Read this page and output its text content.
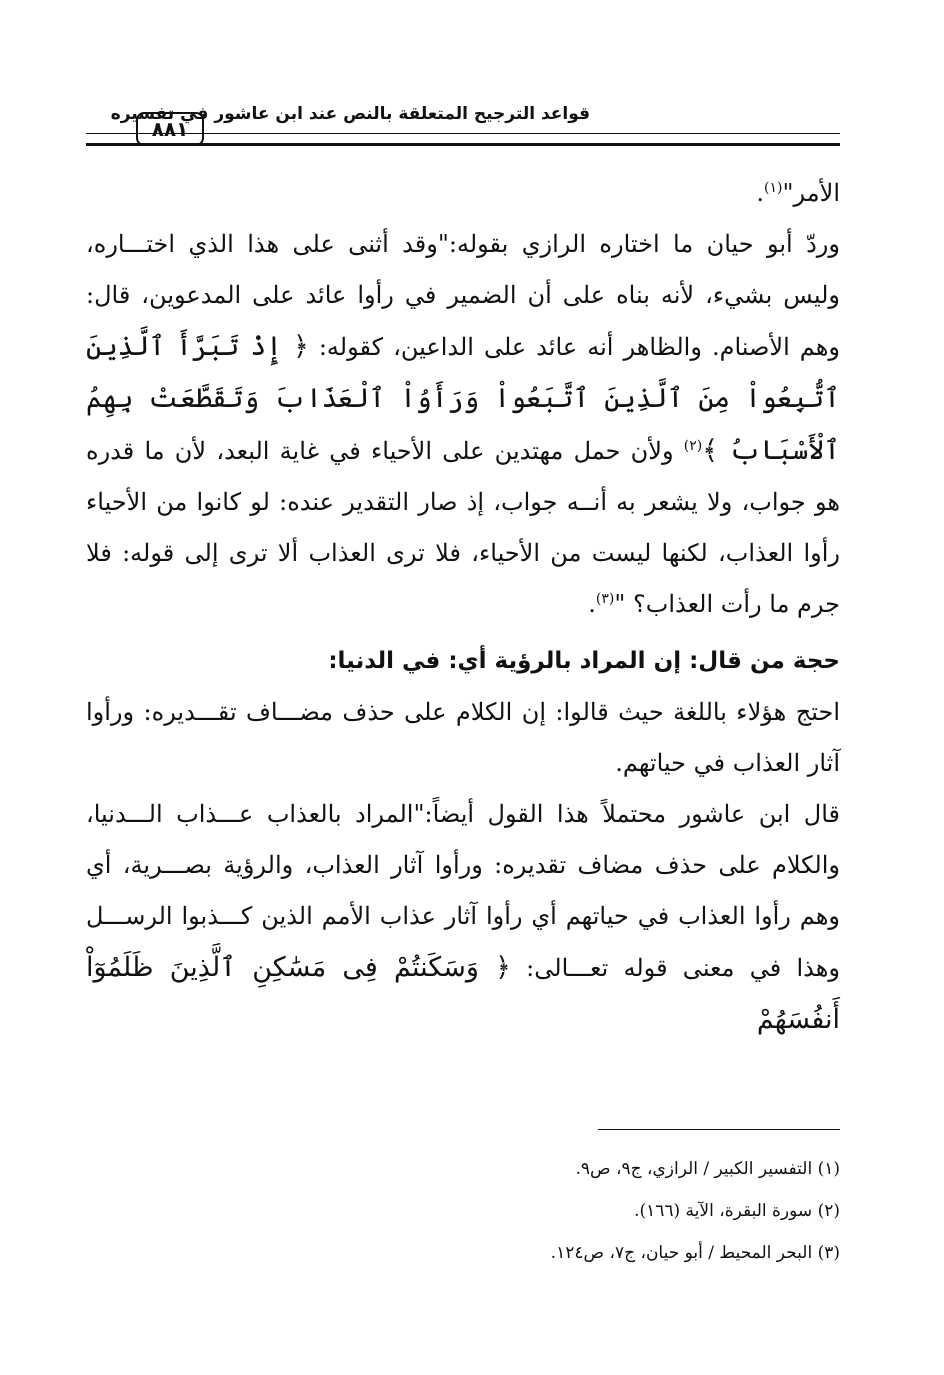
٨٨١
قواعد الترجيح المتعلقة بالنص عند ابن عاشور في تفسيره

الأمر"$^{(١)}$.

وردّ أبو حيان ما اختاره الرازي بقوله:"وقد أثنى على هذا الذي اختـــاره، وليس بشيء، لأنه بناه على أن الضمير في رأوا عائد على المدعوين، قال: وهم الأصنام. والظاهر أنه عائد على الداعين، كقوله: ﴿ إِذْ تَبَرَّأَ ٱلَّذِينَ ٱتُّبِعُواْ مِنَ ٱلَّذِينَ ٱتَّبَعُواْ وَرَأَوُاْ ٱلْعَذَابَ وَتَقَطَّعَتْ بِهِمُ ٱلْأَسْبَابُ ﴾$^{(٢)}$ ولأن حمل مهتدين على الأحياء في غاية البعد، لأن ما قدره هو جواب، ولا يشعر به أنــه جواب، إذ صار التقدير عنده: لو كانوا من الأحياء رأوا العذاب، لكنها ليست من الأحياء، فلا ترى العذاب ألا ترى إلى قوله: فلا جرم ما رأت العذاب؟ "$^{(٣)}$.

حجة من قال: إن المراد بالرؤية أي: في الدنيا:

احتج هؤلاء باللغة حيث قالوا: إن الكلام على حذف مضـــاف تقـــديره: ورأوا آثار العذاب في حياتهم.

قال ابن عاشور محتملاً هذا القول أيضاً:"المراد بالعذاب عـــذاب الـــدنيا، والكلام على حذف مضاف تقديره: ورأوا آثار العذاب، والرؤية بصـــرية، أي وهم رأوا العذاب في حياتهم أي رأوا آثار عذاب الأمم الذين كـــذبوا الرســـل وهذا في معنى قوله تعـــالى: ﴿ وَسَكَنتُمْ فِى مَسَٰكِنِ ٱلَّذِينَ ظَلَمُوٓاْ أَنفُسَهُمْ

(١) التفسير الكبير / الرازي، ج٩، ص٩.

(٢) سورة البقرة، الآية (١٦٦).

(٣) البحر المحيط / أبو حيان، ج٧، ص١٢٤.
